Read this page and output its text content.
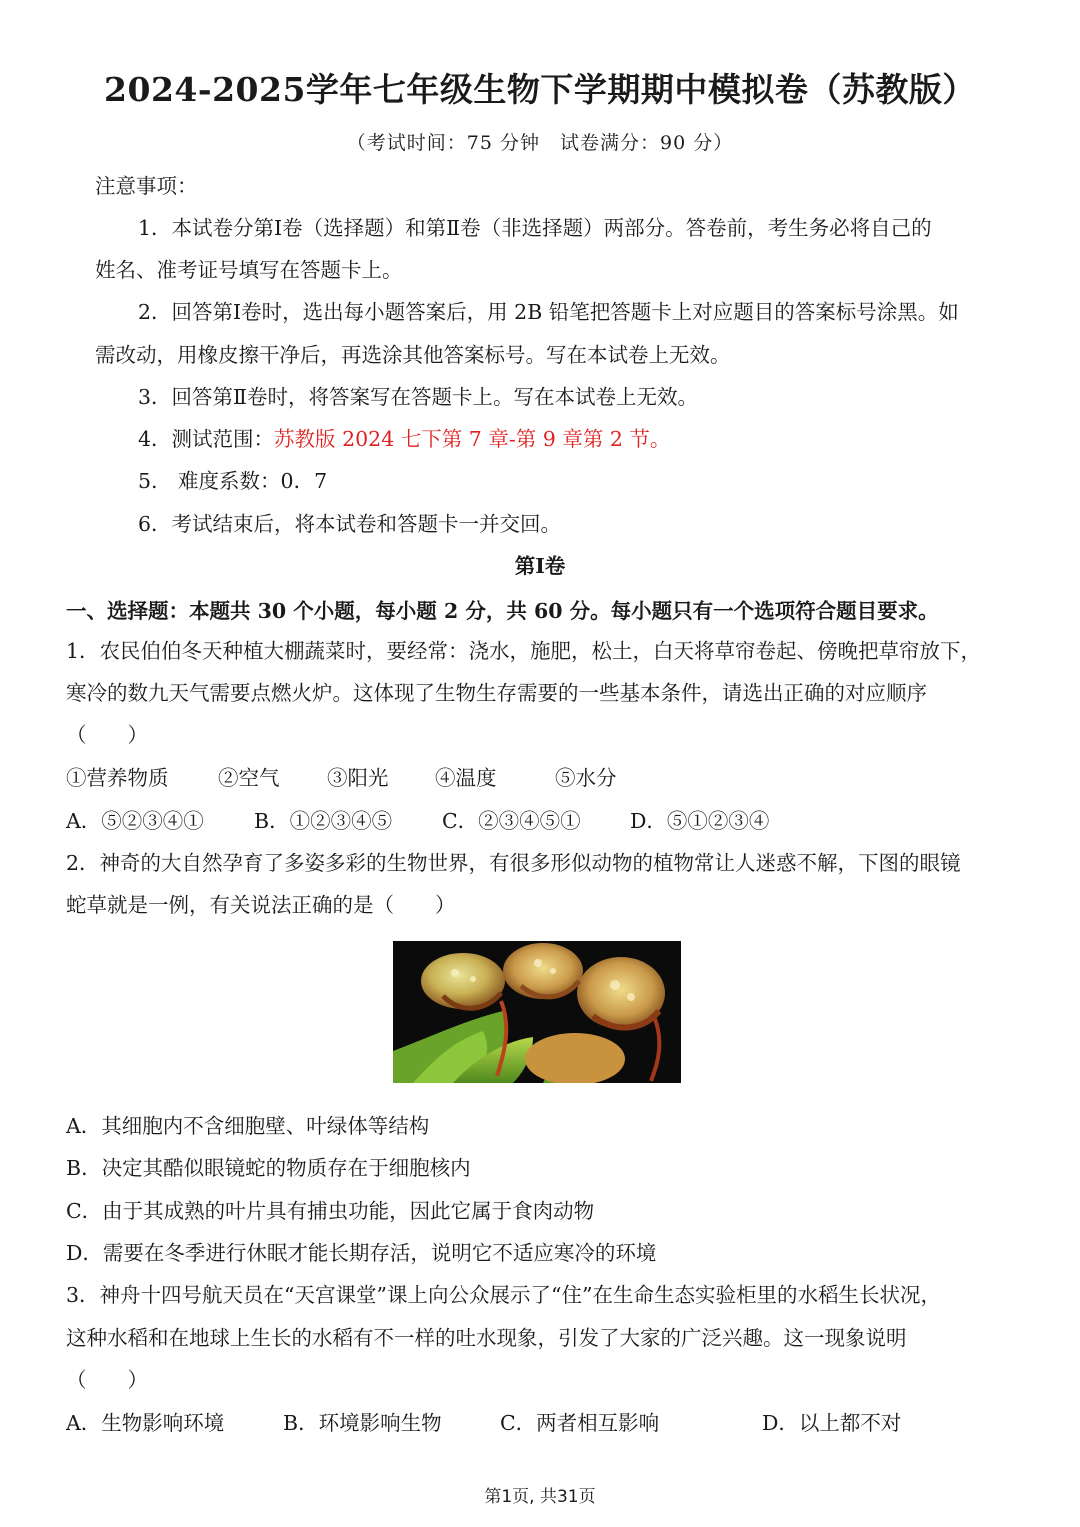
2024-2025学年七年级生物下学期期中模拟卷（苏教版）
（考试时间：75 分钟　试卷满分：90 分）
注意事项：
1．本试卷分第Ⅰ卷（选择题）和第Ⅱ卷（非选择题）两部分。答卷前，考生务必将自己的
姓名、准考证号填写在答题卡上。
2．回答第Ⅰ卷时，选出每小题答案后，用 2B 铅笔把答题卡上对应题目的答案标号涂黑。如
需改动，用橡皮擦干净后，再选涂其他答案标号。写在本试卷上无效。
3．回答第Ⅱ卷时，将答案写在答题卡上。写在本试卷上无效。
4．测试范围：苏教版 2024 七下第 7 章-第 9 章第 2 节。
5.　难度系数：0．7
6．考试结束后，将本试卷和答题卡一并交回。
第Ⅰ卷
一、选择题：本题共 30 个小题，每小题 2 分，共 60 分。每小题只有一个选项符合题目要求。
1．农民伯伯冬天种植大棚蔬菜时，要经常：浇水，施肥，松土，白天将草帘卷起、傍晚把草帘放下，
寒冷的数九天气需要点燃火炉。这体现了生物生存需要的一些基本条件，请选出正确的对应顺序
（　　）
①营养物质 ②空气 ③阳光 ④温度	⑤水分
A．⑤②③④① B．①②③④⑤ C．②③④⑤① D．⑤①②③④
2．神奇的大自然孕育了多姿多彩的生物世界，有很多形似动物的植物常让人迷惑不解，下图的眼镜
蛇草就是一例，有关说法正确的是（　　）
A．其细胞内不含细胞壁、叶绿体等结构
B．决定其酷似眼镜蛇的物质存在于细胞核内
C．由于其成熟的叶片具有捕虫功能，因此它属于食肉动物
D．需要在冬季进行休眠才能长期存活，说明它不适应寒冷的环境
3．神舟十四号航天员在“天宫课堂”课上向公众展示了“住”在生命生态实验柜里的水稻生长状况，
这种水稻和在地球上生长的水稻有不一样的吐水现象，引发了大家的广泛兴趣。这一现象说明
（　　）
A．生物影响环境	B．环境影响生物	C．两者相互影响	D．以上都不对
第1页, 共31页
